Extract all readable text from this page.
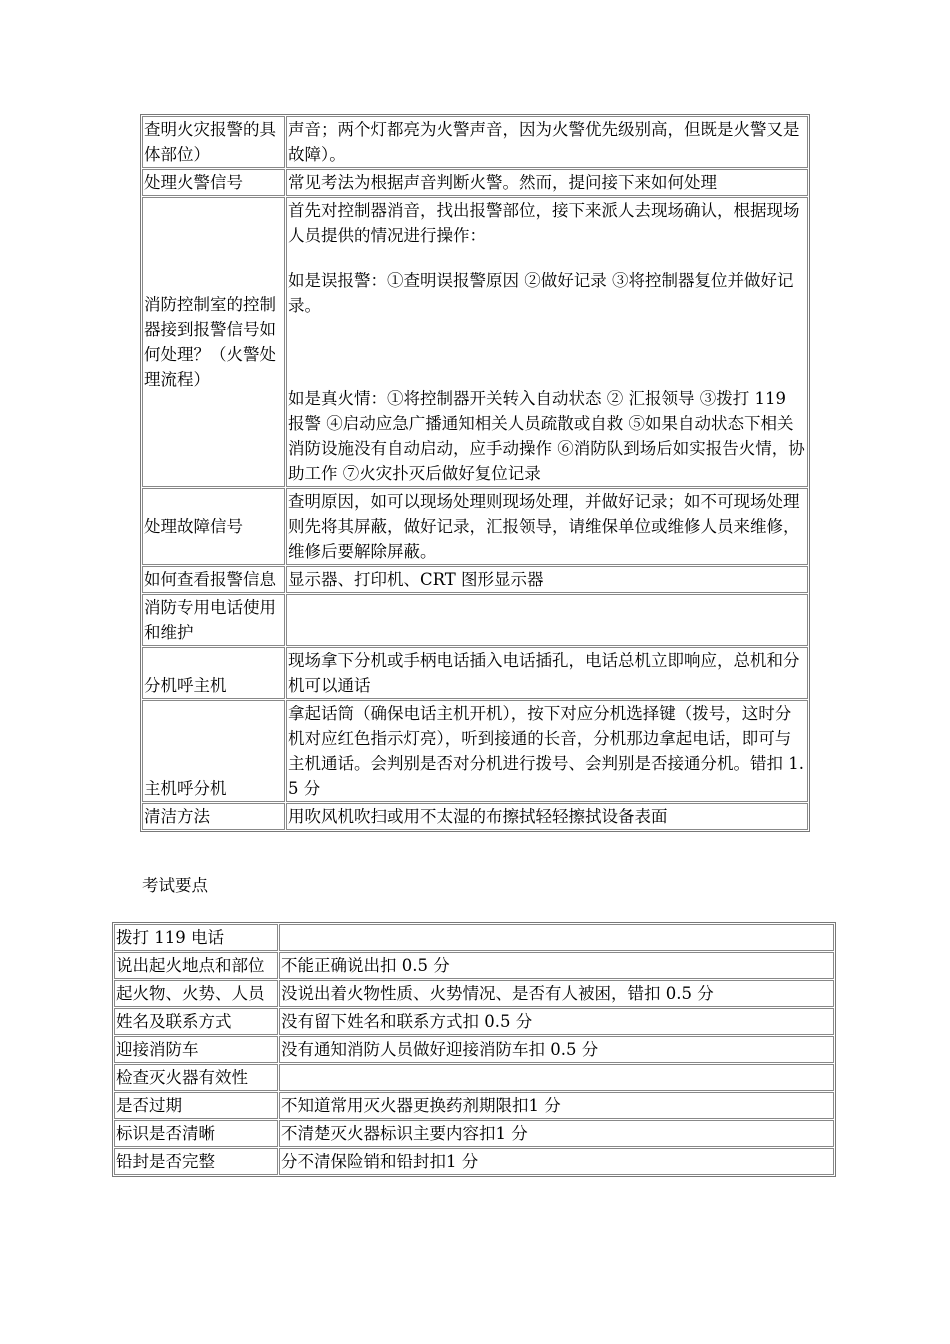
查明火灾报警的具体部位）	声音；两个灯都亮为火警声音，因为火警优先级别高，但既是火警又是故障）。
处理火警信号	常见考法为根据声音判断火警。然而，提问接下来如何处理
消防控制室的控制器接到报警信号如何处理？（火警处理流程）	首先对控制器消音，找出报警部位，接下来派人去现场确认，根据现场人员提供的情况进行操作：
如是误报警：①查明误报警原因 ②做好记录 ③将控制器复位并做好记录。
如是真火情：①将控制器开关转入自动状态 ② 汇报领导 ③拨打 119 报警 ④启动应急广播通知相关人员疏散或自救 ⑤如果自动状态下相关消防设施没有自动启动，应手动操作 ⑥消防队到场后如实报告火情，协助工作 ⑦火灾扑灭后做好复位记录

处理故障信号	查明原因，如可以现场处理则现场处理，并做好记录；如不可现场处理则先将其屏蔽，做好记录，汇报领导，请维保单位或维修人员来维修，维修后要解除屏蔽。
如何查看报警信息	显示器、打印机、CRT 图形显示器
消防专用电话使用和维护	
分机呼主机	现场拿下分机或手柄电话插入电话插孔，电话总机立即响应，总机和分机可以通话
主机呼分机	拿起话筒（确保电话主机开机），按下对应分机选择键（拨号，这时分机对应红色指示灯亮），听到接通的长音，分机那边拿起电话，即可与主机通话。会判别是否对分机进行拨号、会判别是否接通分机。错扣 1.5 分
清洁方法	用吹风机吹扫或用不太湿的布擦拭轻轻擦拭设备表面
考试要点
拨打 119 电话	
说出起火地点和部位	不能正确说出扣 0.5 分
起火物、火势、人员	没说出着火物性质、火势情况、是否有人被困，错扣 0.5 分
姓名及联系方式	没有留下姓名和联系方式扣 0.5 分
迎接消防车	没有通知消防人员做好迎接消防车扣 0.5 分
检查灭火器有效性	
是否过期	不知道常用灭火器更换药剂期限扣1 分
标识是否清晰	不清楚灭火器标识主要内容扣1 分
铅封是否完整	分不清保险销和铅封扣1 分
